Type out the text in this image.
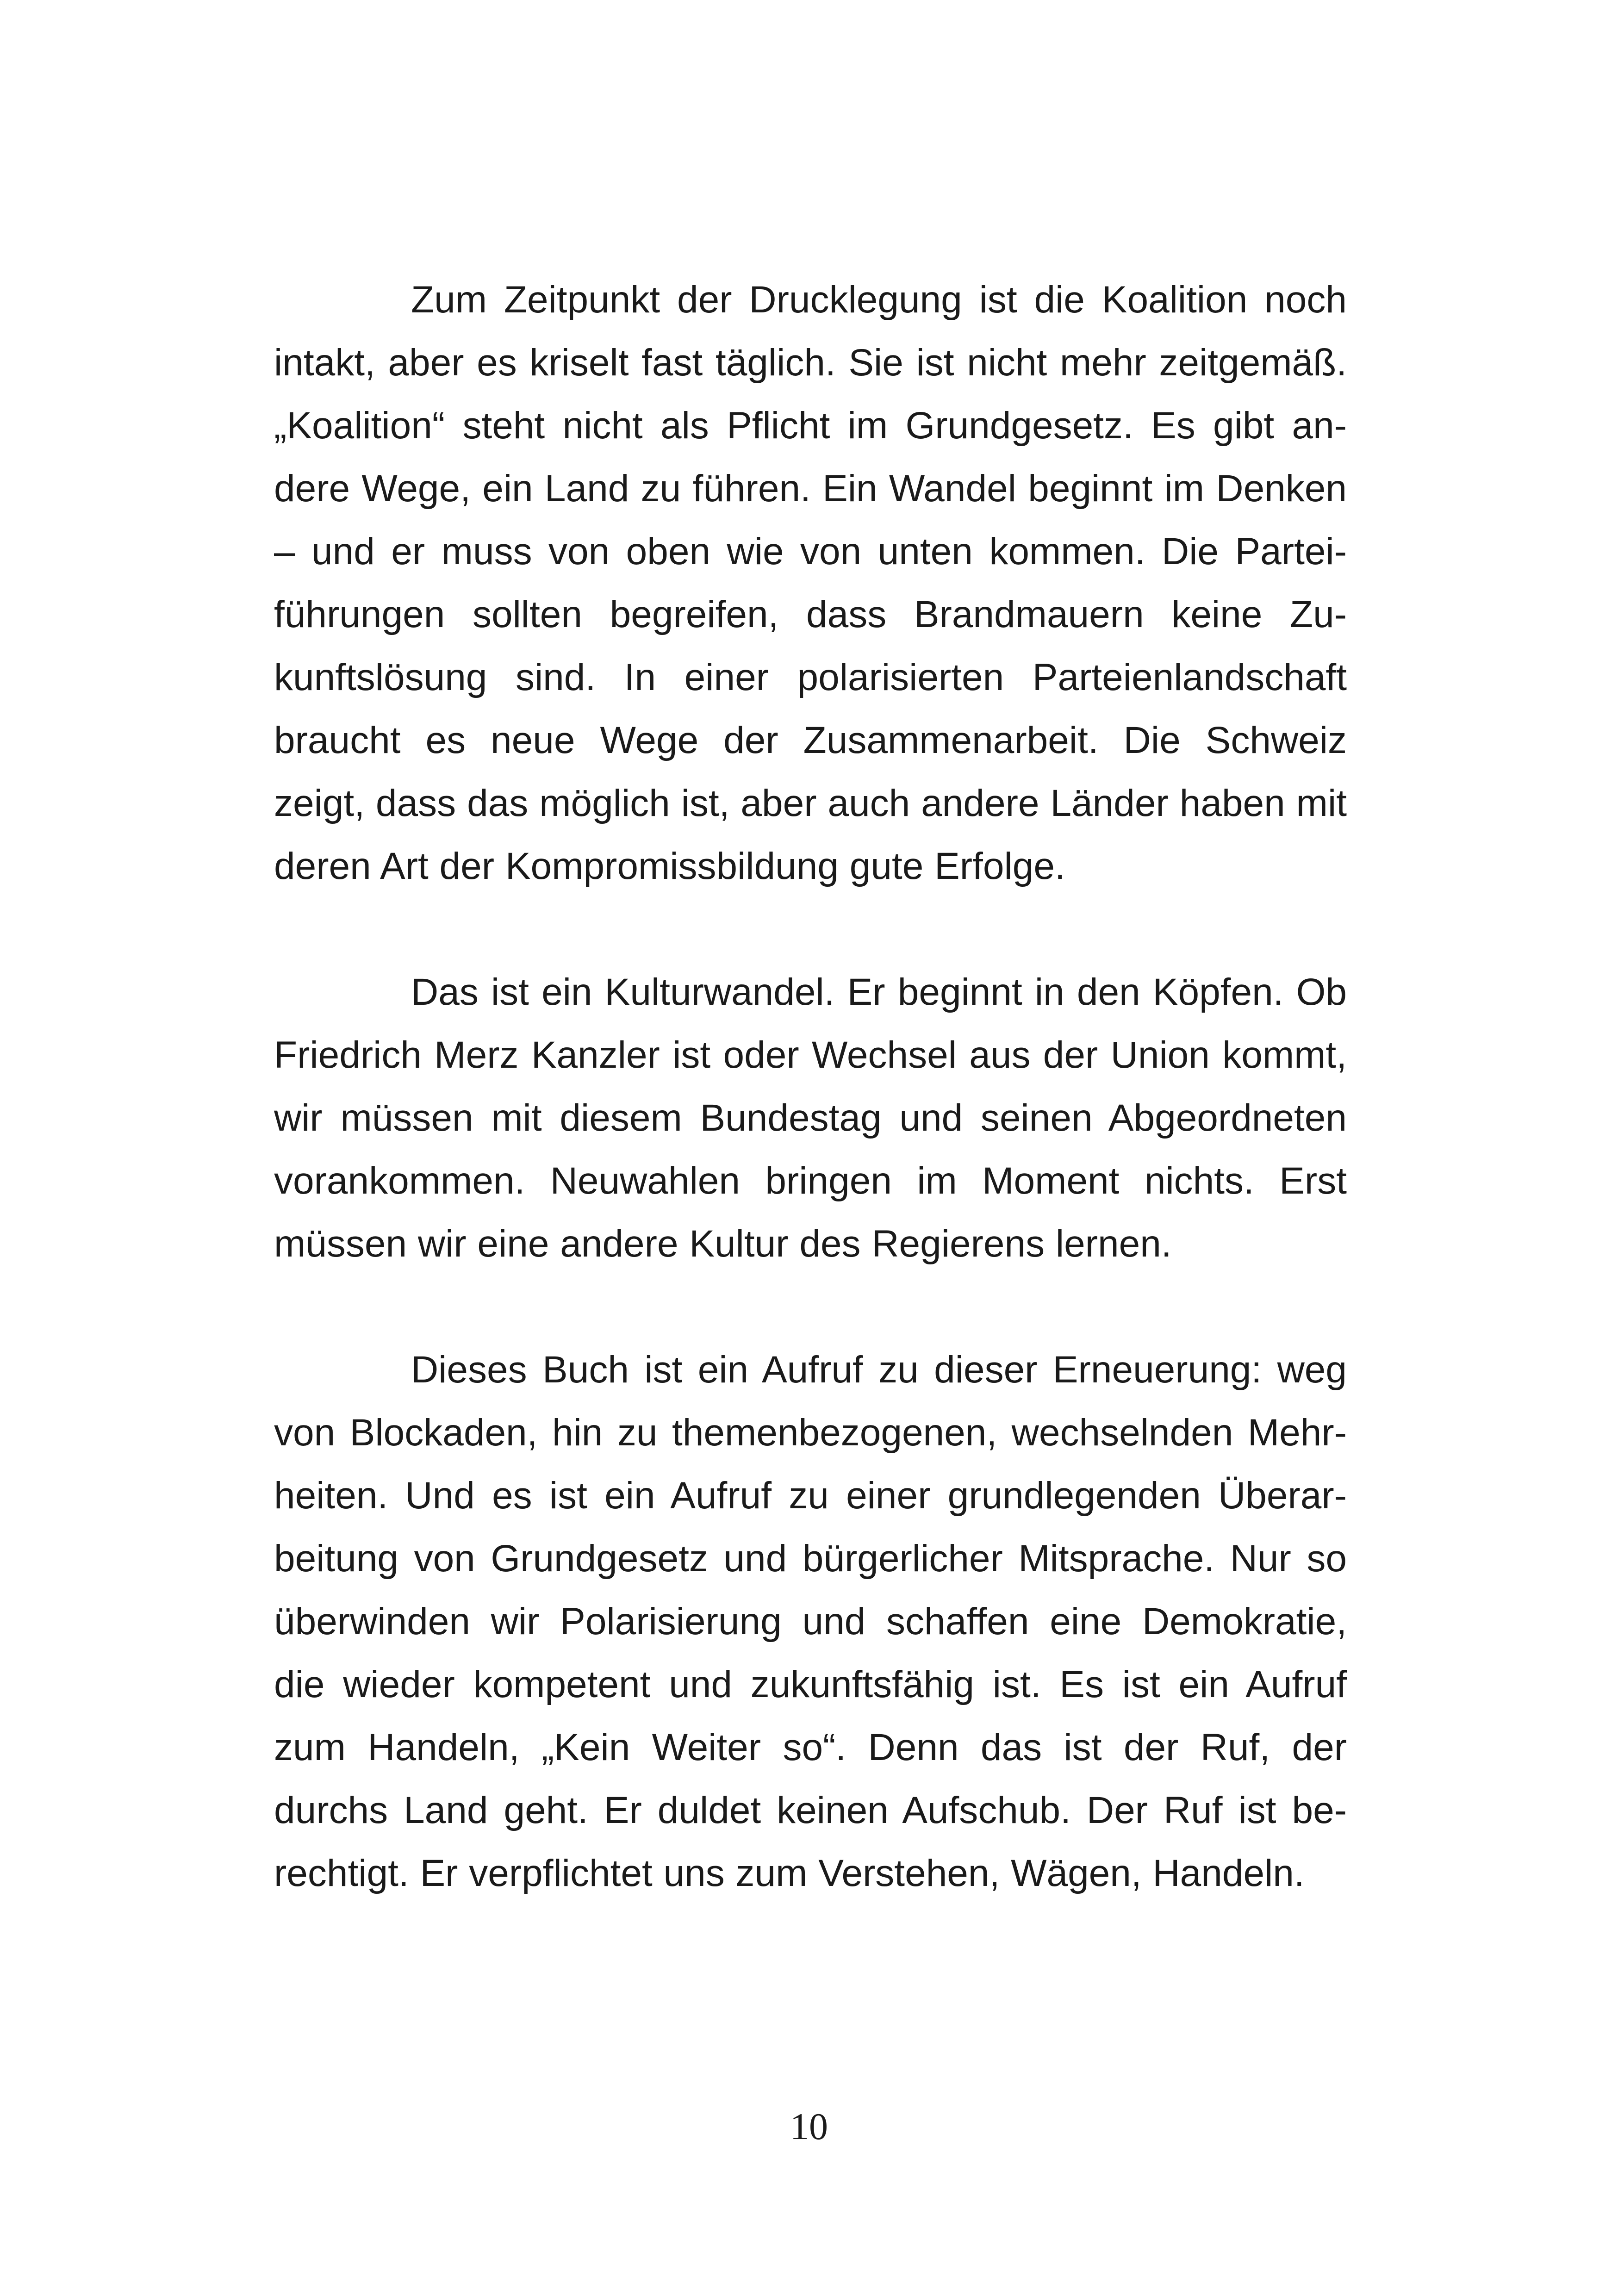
Zum Zeitpunkt der Drucklegung ist die Koalition noch intakt, aber es kriselt fast täglich. Sie ist nicht mehr zeitgemäß. „Koalition“ steht nicht als Pflicht im Grundgesetz. Es gibt andere Wege, ein Land zu führen. Ein Wandel beginnt im Denken – und er muss von oben wie von unten kommen. Die Parteiführungen sollten begreifen, dass Brandmauern keine Zukunftslösung sind. In einer polarisierten Parteienlandschaft braucht es neue Wege der Zusammenarbeit. Die Schweiz zeigt, dass das möglich ist, aber auch andere Länder haben mit deren Art der Kompromissbildung gute Erfolge.

Das ist ein Kulturwandel. Er beginnt in den Köpfen. Ob Friedrich Merz Kanzler ist oder Wechsel aus der Union kommt, wir müssen mit diesem Bundestag und seinen Abgeordneten vorankommen. Neuwahlen bringen im Moment nichts. Erst müssen wir eine andere Kultur des Regierens lernen.

Dieses Buch ist ein Aufruf zu dieser Erneuerung: weg von Blockaden, hin zu themenbezogenen, wechselnden Mehrheiten. Und es ist ein Aufruf zu einer grundlegenden Überarbeitung von Grundgesetz und bürgerlicher Mitsprache. Nur so überwinden wir Polarisierung und schaffen eine Demokratie, die wieder kompetent und zukunftsfähig ist. Es ist ein Aufruf zum Handeln, „Kein Weiter so“. Denn das ist der Ruf, der durchs Land geht. Er duldet keinen Aufschub. Der Ruf ist berechtigt. Er verpflichtet uns zum Verstehen, Wägen, Handeln.

10
